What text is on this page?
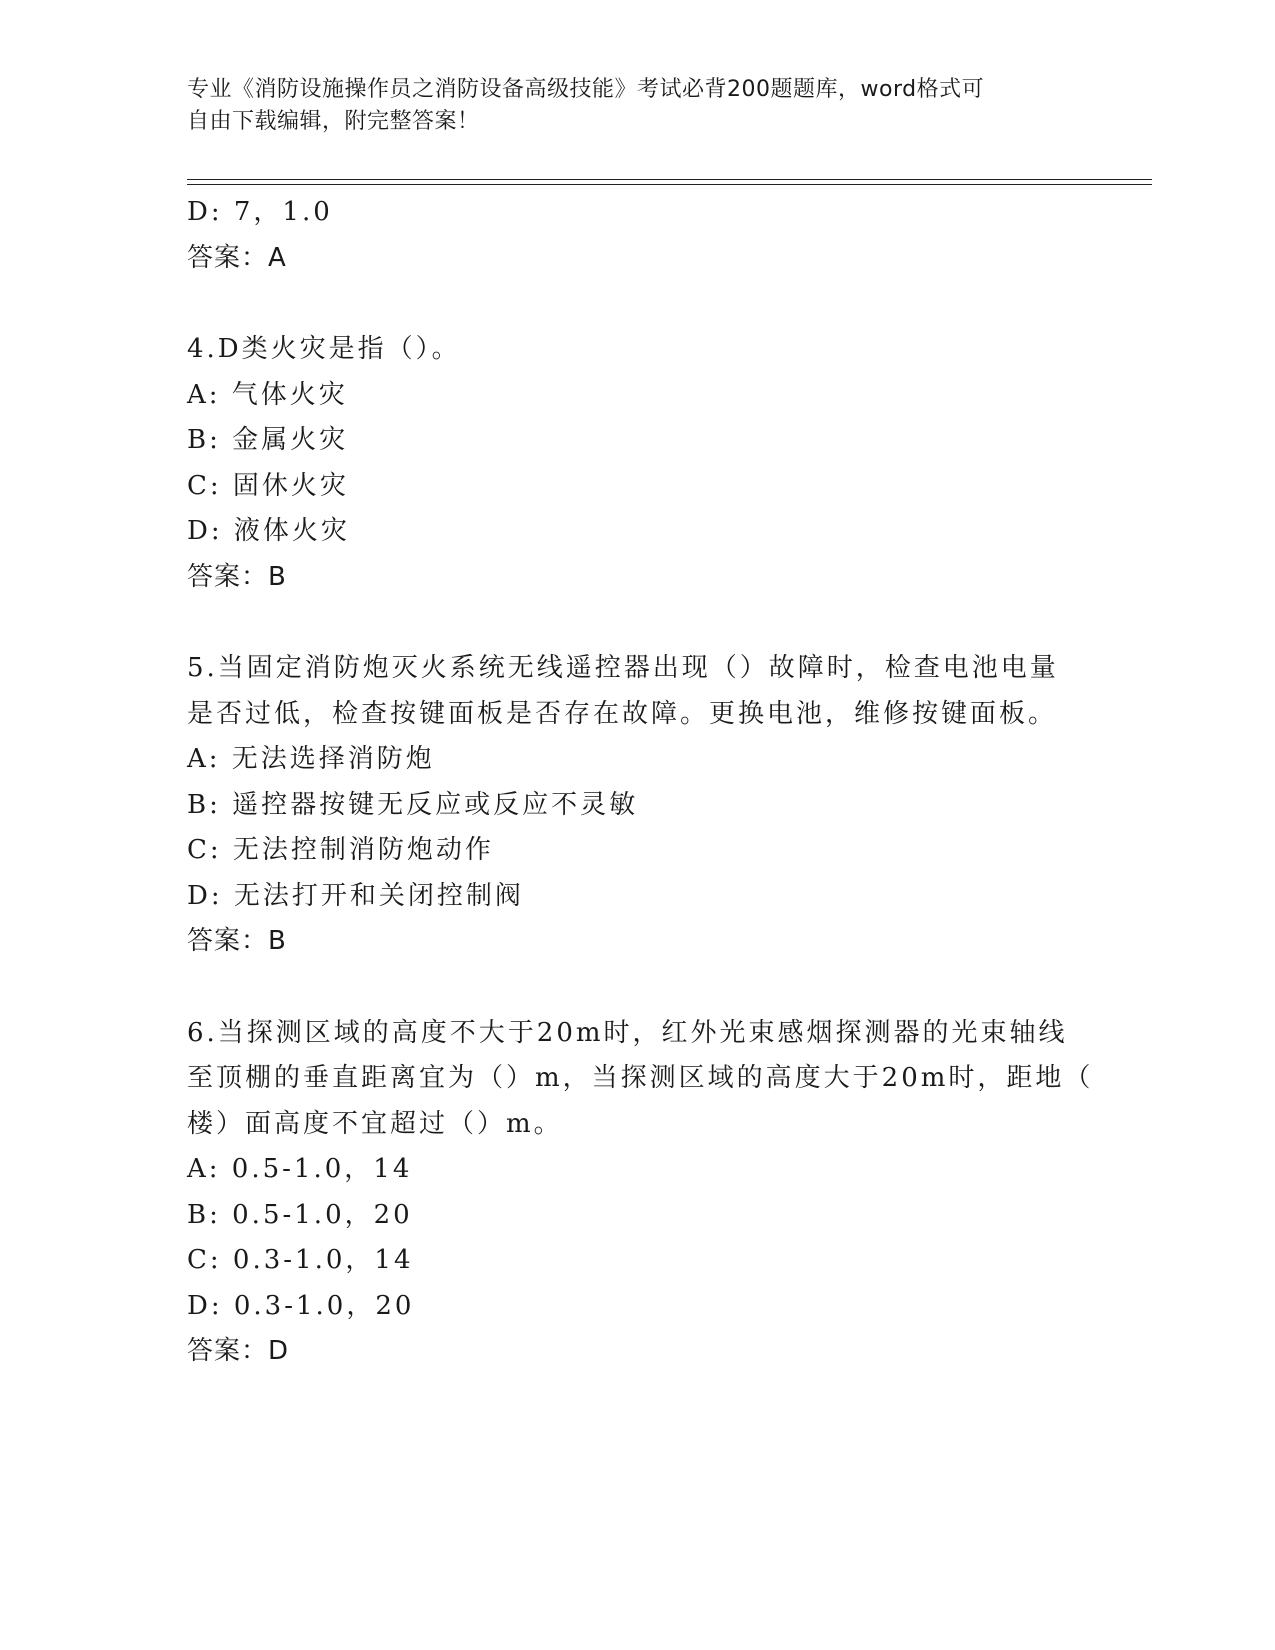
专业《消防设施操作员之消防设备高级技能》考试必背200题题库，word格式可
自由下载编辑，附完整答案！
D: 7，1.0
答案：A
4.D类火灾是指（）。
A: 气体火灾
B: 金属火灾
C: 固休火灾
D: 液体火灾
答案：B
5.当固定消防炮灭火系统无线遥控器出现（）故障时，检查电池电量
是否过低，检查按键面板是否存在故障。更换电池，维修按键面板。
A: 无法选择消防炮
B: 遥控器按键无反应或反应不灵敏
C: 无法控制消防炮动作
D: 无法打开和关闭控制阀
答案：B
6.当探测区域的高度不大于20m时，红外光束感烟探测器的光束轴线
至顶棚的垂直距离宜为（）m，当探测区域的高度大于20m时，距地（
楼）面高度不宜超过（）m。
A: 0.5-1.0，14
B: 0.5-1.0，20
C: 0.3-1.0，14
D: 0.3-1.0，20
答案：D
